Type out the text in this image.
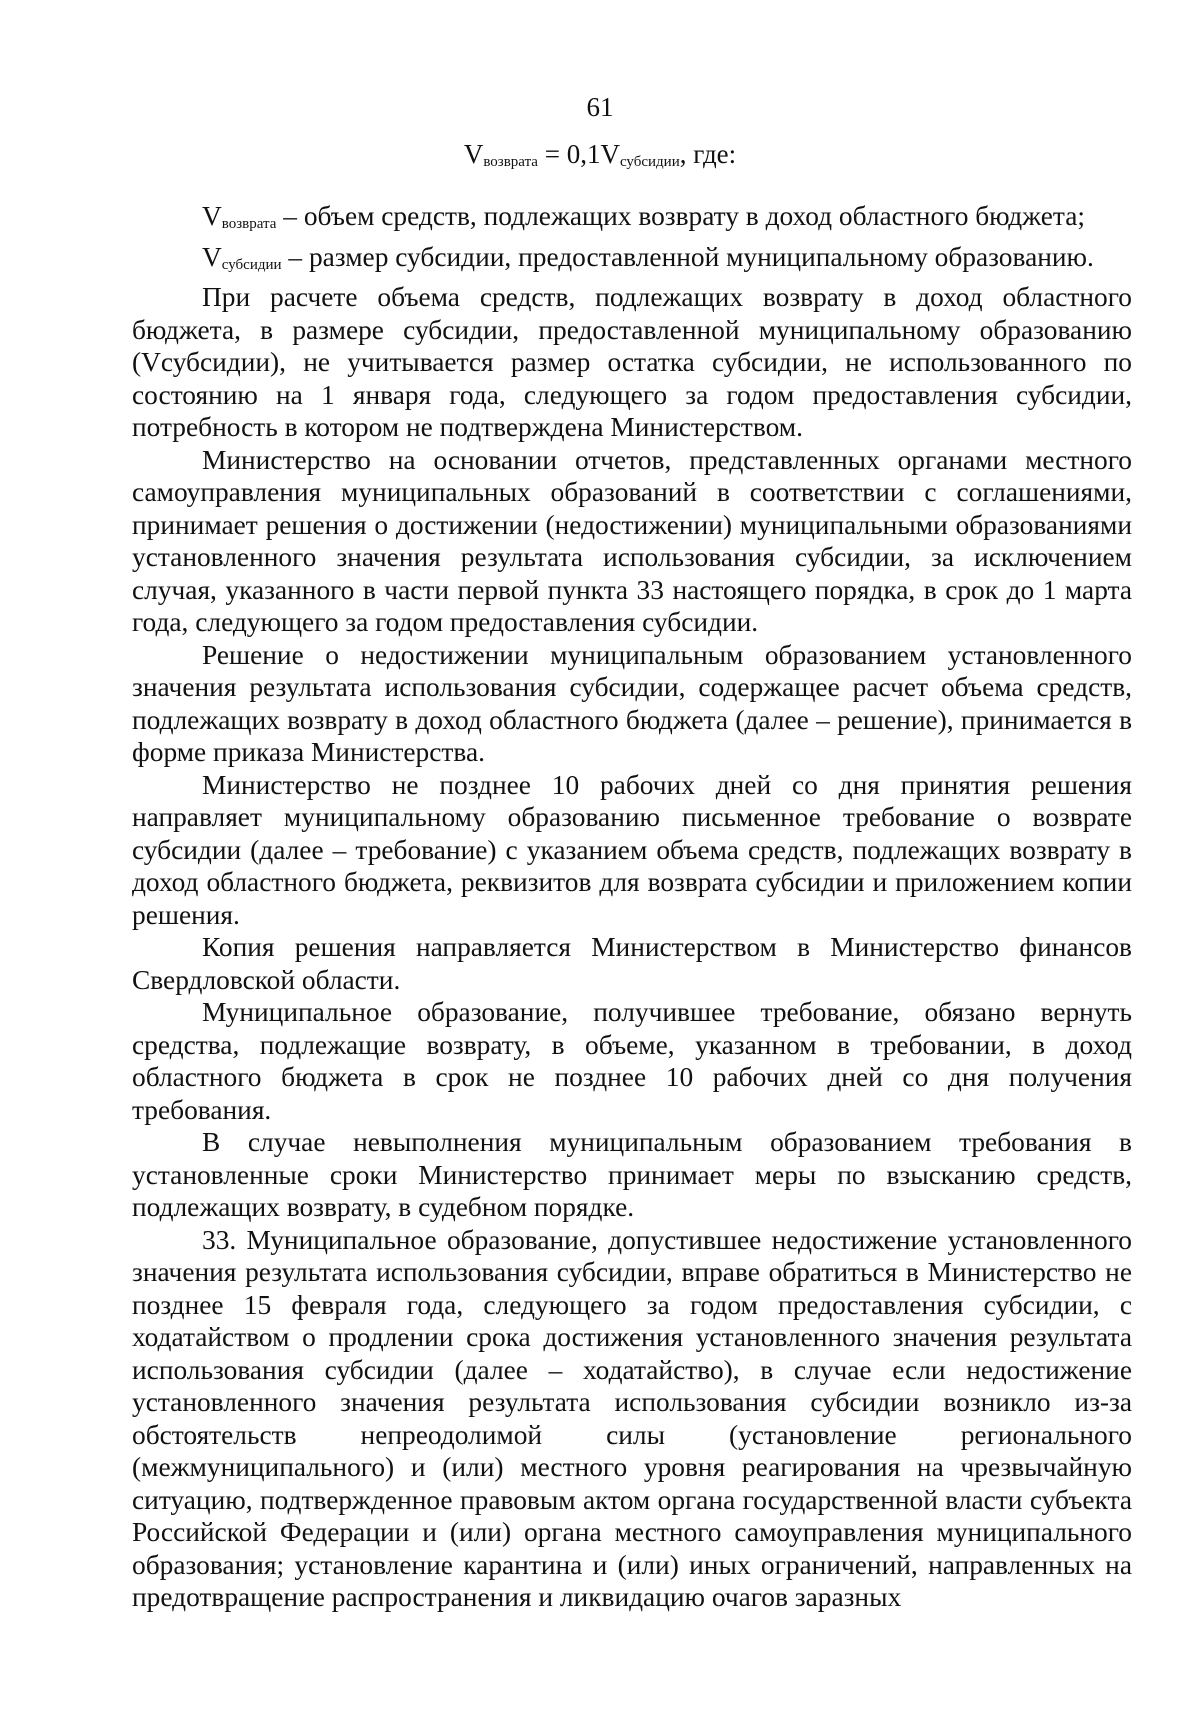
61
$V_{возврата} = 0,1V_{субсидии}$, где:

$V_{возврата}$ – объем средств, подлежащих возврату в доход областного бюджета;

$V_{субсидии}$ – размер субсидии, предоставленной муниципальному образованию.

При расчете объема средств, подлежащих возврату в доход областного бюджета, в размере субсидии, предоставленной муниципальному образованию (Vсубсидии), не учитывается размер остатка субсидии, не использованного по состоянию на 1 января года, следующего за годом предоставления субсидии, потребность в котором не подтверждена Министерством.

Министерство на основании отчетов, представленных органами местного самоуправления муниципальных образований в соответствии с соглашениями, принимает решения о достижении (недостижении) муниципальными образованиями установленного значения результата использования субсидии, за исключением случая, указанного в части первой пункта 33 настоящего порядка, в срок до 1 марта года, следующего за годом предоставления субсидии.

Решение о недостижении муниципальным образованием установленного значения результата использования субсидии, содержащее расчет объема средств, подлежащих возврату в доход областного бюджета (далее – решение), принимается в форме приказа Министерства.

Министерство не позднее 10 рабочих дней со дня принятия решения направляет муниципальному образованию письменное требование о возврате субсидии (далее – требование) с указанием объема средств, подлежащих возврату в доход областного бюджета, реквизитов для возврата субсидии и приложением копии решения.

Копия решения направляется Министерством в Министерство финансов Свердловской области.

Муниципальное образование, получившее требование, обязано вернуть средства, подлежащие возврату, в объеме, указанном в требовании, в доход областного бюджета в срок не позднее 10 рабочих дней со дня получения требования.

В случае невыполнения муниципальным образованием требования в установленные сроки Министерство принимает меры по взысканию средств, подлежащих возврату, в судебном порядке.

33. Муниципальное образование, допустившее недостижение установленного значения результата использования субсидии, вправе обратиться в Министерство не позднее 15 февраля года, следующего за годом предоставления субсидии, с ходатайством о продлении срока достижения установленного значения результата использования субсидии (далее – ходатайство), в случае если недостижение установленного значения результата использования субсидии возникло из-за обстоятельств непреодолимой силы (установление регионального (межмуниципального) и (или) местного уровня реагирования на чрезвычайную ситуацию, подтвержденное правовым актом органа государственной власти субъекта Российской Федерации и (или) органа местного самоуправления муниципального образования; установление карантина и (или) иных ограничений, направленных на предотвращение распространения и ликвидацию очагов заразных
